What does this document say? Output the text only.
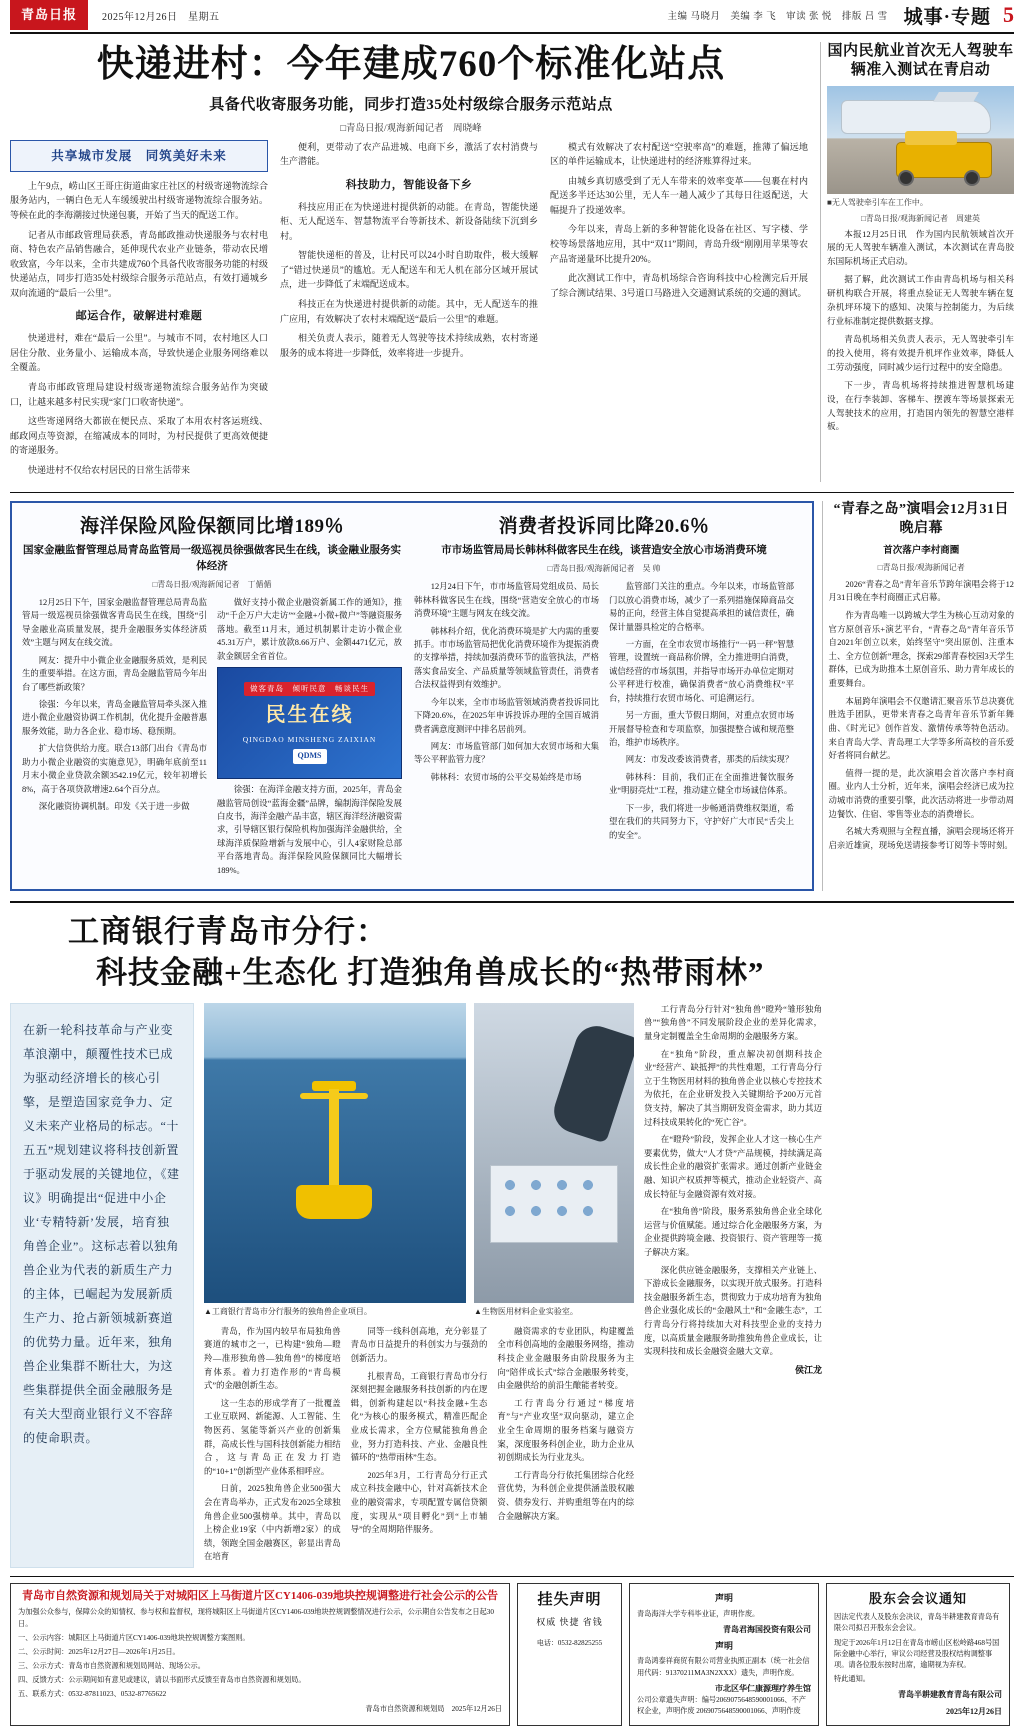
青岛日报	2025年12月26日　星期五	主编 马晓月　美编 李 飞　审读 张 悦　排版 吕 雪 城事·专题 5
快递进村：今年建成760个标准化站点
具备代收寄服务功能，同步打造35处村级综合服务示范站点
□青岛日报/观海新闻记者　周晓峰
共享城市发展　同筑美好未来

上午9点，崂山区王哥庄街道曲家庄社区的村级寄递物流综合服务站内，一辆白色无人车缓缓驶出村级寄递物流综合服务站。等候在此的李海潮接过快递包裹，开始了当天的配送工作。

记者从市邮政管理局获悉，青岛邮政推动快递服务与农村电商、特色农产品销售融合，延伸现代农业产业链条，带动农民增收致富，今年以来，全市共建成760个具备代收寄服务功能的村级快递站点，同步打造35处村级综合服务示范站点，有效打通城乡双向流通的“最后一公里”。

邮运合作，破解进村难题

快递进村，难在“最后一公里”。与城市不同，农村地区人口居住分散、业务量小、运输成本高，导致快递企业服务网络难以全覆盖。

青岛市邮政管理局建设村级寄递物流综合服务站作为突破口，让越来越多村民实现“家门口收寄快递”。

这些寄递网络大都嵌在便民点、采取了本用农村客运班线、邮政网点等资源，在缩减成本的同时，为村民提供了更高效便捷的寄递服务。

快递进村不仅给农村居民的日常生活带来

便利，更带动了农产品进城、电商下乡，激活了农村消费与生产潜能。

科技助力，智能设备下乡

科技应用正在为快递进村提供新的动能。在青岛，智能快递柜、无人配送车、智慧物流平台等新技术、新设备陆续下沉到乡村。

智能快递柜的普及，让村民可以24小时自助取件，极大缓解了“错过快递员”的尴尬。无人配送车和无人机在部分区域开展试点，进一步降低了末端配送成本。

科技正在为快递进村提供新的动能。其中，无人配送车的推广应用，有效解决了农村末端配送“最后一公里”的难题。

相关负责人表示，随着无人驾驶等技术持续成熟，农村寄递服务的成本将进一步降低，效率将进一步提升。

模式有效解决了农村配送“空驶率高”的难题，推薄了偏远地区的单件运输成本，让快递进村的经济账算得过来。

由城乡真切感受到了无人车带来的效率变革——包裹在村内配送多半还达30公里，无人车一趟人减少了其每日往返配送，大幅提升了投递效率。

今年以来，青岛上新的多种智能化设备在社区、写字楼、学校等场景落地应用，其中“双11”期间，青岛升级“刚刚用苹果等农产品寄递量环比提升20%。

此次测试工作中，青岛机场综合咨询科技中心检测完后开展了综合测试结果、3号道口马路进入交通测试系统的交通的测试。

国内民航业首次无人驾驶车辆准入测试在青启动
■无人驾驶牵引车在工作中。
□青岛日报/观海新闻记者　周建英

本报12月25日讯　作为国内民航领域首次开展的无人驾驶车辆准入测试，本次测试在青岛胶东国际机场正式启动。

据了解，此次测试工作由青岛机场与相关科研机构联合开展，将重点验证无人驾驶车辆在复杂机坪环境下的感知、决策与控制能力，为后续行业标准制定提供数据支撑。

青岛机场相关负责人表示，无人驾驶牵引车的投入使用，将有效提升机坪作业效率，降低人工劳动强度，同时减少运行过程中的安全隐患。

下一步，青岛机场将持续推进智慧机场建设，在行李装卸、客梯车、摆渡车等场景探索无人驾驶技术的应用，打造国内领先的智慧空港样板。

海洋保险风险保额同比增189％
国家金融监督管理总局青岛监管局一级巡视员徐强做客民生在线，谈金融业服务实体经济
□青岛日报/观海新闻记者　丁偱偱

12月25日下午，国家金融监督管理总局青岛监管局一级巡视员徐强做客青岛民生在线，围绕“引导金融业高质量发展，提升金融服务实体经济质效”主题与网友在线交流。

网友：提升中小微企业金融服务质效，是利民生的重要举措。在这方面，青岛金融监管局今年出台了哪些新政策？

徐强：今年以来，青岛金融监管局牵头深入推进小微企业融资协调工作机制，优化提升金融普惠服务效能，助力各企业、稳市场、稳预期。

扩大信贷供给力度。联合13部门出台《青岛市助力小微企业融资的实施意见》，明确年底前至11月末小微企业贷款余额3542.19亿元，较年初增长8%，高于各项贷款增速2.64个百分点。

深化融资协调机制。印发《关于进一步做

做好支持小微企业融资新属工作的通知》，推动“千企万户大走访”“金融+小微+微户”等融资服务落地。截至11月末，通过机制累计走访小微企业45.31万户，累计放款8.66万户、金额4471亿元，放款金额居全省首位。

做客青岛　倾听民意　畅谈民生
民生在线
QINGDAO MINSHENG ZAIXIAN
QDMS

徐强：在海洋金融支持方面，2025年，青岛金融监管局创设“蓝海金疆”品牌，编制海洋保险发展白皮书，海洋金融产品丰富，辖区海洋经济融资需求，引导辖区银行保险机构加强海洋金融供给，全球海洋质保险增新与发展中心，引人4家财险总部平台落地青岛。海洋保险风险保额同比大幅增长189%。

消费者投诉同比降20.6％
市市场监管局局长韩林科做客民生在线，谈营造安全放心市场消费环境
□青岛日报/观海新闻记者　吴 帅

12月24日下午，市市场监管局党组成员、局长韩林科做客民生在线，围绕“营造安全放心的市场消费环境”主题与网友在线交流。

韩林科介绍，优化消费环境是扩大内需的重要抓手。市市场监管局把优化消费环境作为提振消费的支撑举措，持续加强消费环节的监管执法，严格落实食品安全、产品质量等领域监管责任，消费者合法权益得到有效维护。

今年以来，全市市场监管领域消费者投诉同比下降20.6%，在2025年申诉投诉办理的全国百城消费者满意度测评中排名居前列。

网友：市场监管部门如何加大农贸市场和大集等公平秤监管力度？

韩林科：农贸市场的公平交易始终是市场

监管部门关注的重点。今年以来，市场监管部门以放心消费市场，减少了一系列措施保障商品交易的正向，经营主体自觉提高承担的诚信责任，确保计量器具检定的合格率。

一方面，在全市农贸市场推行“一码一秤”智慧管理，设置统一商品称价牌，全力推进明白消费，诚信经营的市场氛围，并指导市场开办单位定期对公平秤进行校准，确保消费者“放心消费维权”平台，持续推行农贸市场化、可追溯运行。

另一方面，重大节假日期间，对重点农贸市场开展督导检查和专项监察，加强提整合诚和规范整治，维护市场秩序。

网友：市发改委该消费者，那类的后续实现？

韩林科：目前，我们正在全面推进餐饮服务业“明厨亮灶”工程，推动建立健全市场诚信体系。

下一步，我们将进一步畅通消费维权渠道，希望在我们的共同努力下，守护好广大市民“舌尖上的安全”。

“青春之岛”演唱会12月31日晚启幕
首次落户李村商圈
□青岛日报/观海新闻记者

2026“青春之岛”青年音乐节跨年演唱会将于12月31日晚在李村商圈正式启幕。

作为青岛唯一以跨城大学生为核心互动对象的官方原创音乐+演艺平台，“青春之岛”青年音乐节自2021年创立以来，始终坚守“突出原创、注重本土、全方位创新”理念，探索29部青春校园3天学生群体，已成为助推本土原创音乐、助力青年成长的重要舞台。

本届跨年演唱会不仅邀请汇聚音乐节总决赛优胜选手团队，更带来青春之岛青年音乐节新年舞曲、《时光记》创作首发、激情传承等特色活动。来自青岛大学、青岛理工大学等多所高校的音乐爱好者将同台献艺。

值得一提的是，此次演唱会首次落户李村商圈。业内人士分析，近年来，演唱会经济已成为拉动城市消费的重要引擎，此次活动将进一步带动周边餐饮、住宿、零售等业态的消费增长。

名城大秀观照与全程直播，演唱会现场还将开启亲近雄寅，现场免送请接参考订阅等卡等时刻。

工商银行青岛市分行：
科技金融+生态化 打造独角兽成长的“热带雨林”
在新一轮科技革命与产业变革浪潮中，颠覆性技术已成为驱动经济增长的核心引擎，是塑造国家竞争力、定义未来产业格局的标志。“十五五”规划建议将科技创新置于驱动发展的关键地位，《建议》明确提出“促进中小企业‘专精特新’发展，培育独角兽企业”。这标志着以独角兽企业为代表的新质生产力的主体，已崛起为发展新质生产力、抢占新领城新赛道的优势力量。近年来，独角兽企业集群不断壮大，为这些集群提供全面金融服务是有关大型商业银行义不容辞的使命职责。
▲工商银行青岛市分行服务的独角兽企业项目。	▲生物医用材料企业实验室。

青岛，作为国内较早布局独角兽赛道的城市之一，已构建“独角—瞪羚—准形独角兽—独角兽”的梯度培育体系。着力打造作形的“青岛模式”的金融创新生态。

这一生态的形成学育了一批覆盖工业互联网、新能源、人工智能、生物医药、氢能等新兴产业的创新集群，高成长性与国科技创新能力相结合，这与青岛正在发力打造的“10+1”创新型产业体系相呼应。

日前，2025独角兽企业500强大会在青岛举办，正式发布2025全球独角兽企业500强榜单。其中，青岛以上榜企业19家（中内新增2家）的成绩，领跑全国金融赛区，彰显出青岛在培育

同等一线科创高地，充分彰显了青岛市日益提升的科创实力与强劲的创新活力。

扎根青岛，工商银行青岛市分行深刻把握金融服务科技创新的内在逻辑，创新构建起以“科技金融+生态化”为核心的服务模式，精准匹配企业成长需求，全方位赋能独角兽企业，努力打造科技、产业、金融良性循环的“热带雨林”生态。

2025年3月，工行青岛分行正式成立科技金融中心，针对高新技术企业的融资需求，专项配置专属信贷额度，实现从“项目孵化”到“上市辅导”的全周期陪伴服务。

融资需求的专业团队，构建覆盖全市科创高地的金融服务网络，推动科技企业金融服务由阶段服务为主向“陪伴成长式”综合金融服务转变，由金融供给的前沿生酿能者转变。

工行青岛分行通过“梯度培育”与“产业攻坚”双向驱动，建立企业全生命周期的服务档案与融资方案，深度服务科创企业，助力企业从初创期成长为行业龙头。

工行青岛分行依托集团综合化经营优势，为科创企业提供涵盖股权融资、债券发行、并购重组等在内的综合金融解决方案。

工行青岛分行针对“独角兽”瞪羚“雏形独角兽”“独角兽”不同发展阶段企业的差异化需求，量身定制覆盖全生命周期的金融服务方案。

在“独角”阶段，重点解决初创期科技企业“经营产、缺抵押”的共性难题，工行青岛分行立于生物医用材料的独角兽企业以核心专控技术为依托，在企业研发投入关键期给予200万元首贷支持，解决了其当期研发资金需求，助力其迈过科技成果转化的“死亡谷”。

在“瞪羚”阶段，发挥企业人才这一核心生产要素优势，做大“人才贷”产品规模，持续满足高成长性企业的融资扩张需求。通过创新产业链金融、知识产权质押等模式，推动企业轻资产、高成长特征与金融资源有效对接。

在“独角兽”阶段，服务系独角兽企业全球化运营与价值赋能。通过综合化金融服务方案，为企业提供跨境金融、投资银行、资产管理等一揽子解决方案。

深化供应链金融服务，支撑相关产业链上、下游成长金融服务，以实现开放式服务。打造科技金融服务新生态，贯彻致力于成功培育为独角兽企业强化成长的“金融风土”和“金融生态”，工行青岛分行将持续加大对科技型企业的支持力度，以高质量金融服务助推独角兽企业成长，让实现科技和成长金融资金融大文章。

侯江龙
青岛市自然资源和规划局关于对城阳区上马街道片区CY1406-039地块控规调整进行社会公示的公告

为加强公众参与，保障公众的知情权、参与权和监督权，现将城阳区上马街道片区CY1406-039地块控规调整情况进行公示，公示期自公告发布之日起30日。

一、公示内容：城阳区上马街道片区CY1406-039地块控规调整方案图则。

二、公示时间：2025年12月27日—2026年1月25日。

三、公示方式：青岛市自然资源和规划局网站、现场公示。

四、反馈方式：公示期间如有意见或建议，请以书面形式反馈至青岛市自然资源和规划局。

五、联系方式：0532-87811023、0532-87765622

青岛市自然资源和规划局　2025年12月26日
挂失声明
权威 快捷 省钱
电话：0532-82825255
声明

青岛海洋大学专科毕业证，声明作废。

青岛君海国投资有限公司
声明

青岛鸿泰祥商贸有限公司营业执照正副本（统一社会信用代码：91370211MA3N2XXX）遗失，声明作废。

市北区华仁康源理疗养生馆

公司公章遗失声明：编号2069075648590001066、不产权企业，声明作废 2069075648590001066、声明作废

股东会会议通知

因法定代表人及股东会决议，青岛半耕建教育青岛有限公司拟召开股东会会议。

现定于2026年1月12日在青岛市崂山区松岭路468号国际金融中心举行，审议公司经营及股权结构调整事项。请各位股东按时出席，逾期视为弃权。

特此通知。

青岛半耕建教育青岛有限公司
2025年12月26日
